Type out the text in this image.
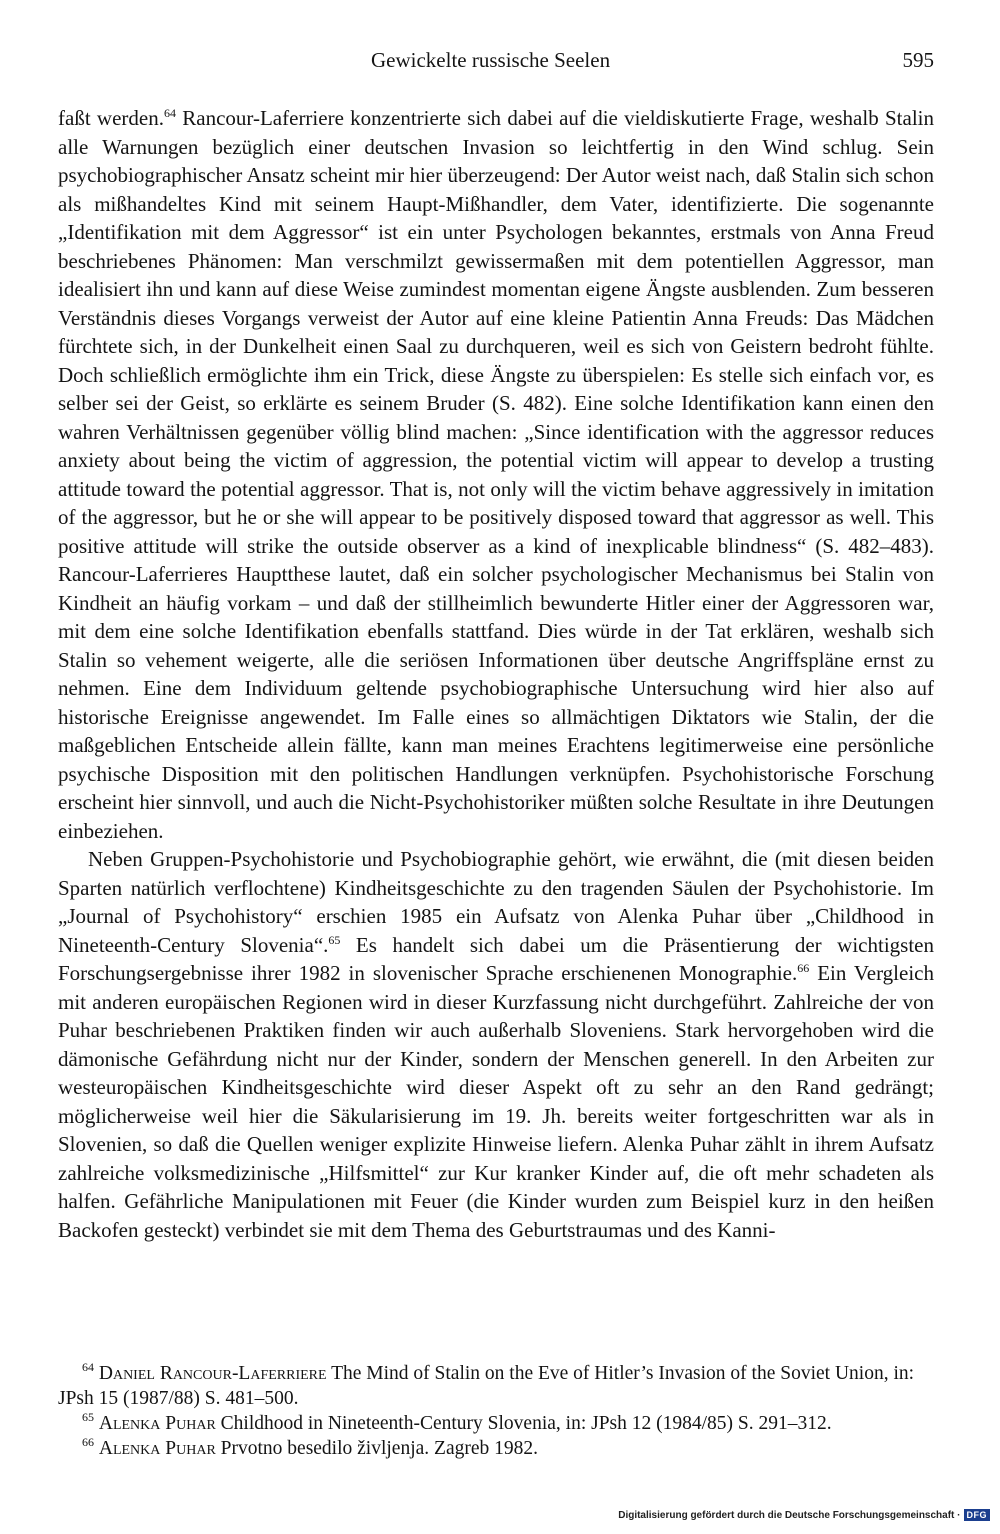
Gewickelte russische Seelen	595

faßt werden.$^{64}$ Rancour-Laferriere konzentrierte sich dabei auf die vieldiskutierte Frage, weshalb Stalin alle Warnungen bezüglich einer deutschen Invasion so leichtfertig in den Wind schlug. Sein psychobiographischer Ansatz scheint mir hier überzeugend: Der Autor weist nach, daß Stalin sich schon als mißhandeltes Kind mit seinem Haupt-Mißhandler, dem Vater, identifizierte. Die sogenannte „Identifikation mit dem Aggressor“ ist ein unter Psychologen bekanntes, erstmals von Anna Freud beschriebenes Phänomen: Man verschmilzt gewissermaßen mit dem potentiellen Aggressor, man idealisiert ihn und kann auf diese Weise zumindest momentan eigene Ängste ausblenden. Zum besseren Verständnis dieses Vorgangs verweist der Autor auf eine kleine Patientin Anna Freuds: Das Mädchen fürchtete sich, in der Dunkelheit einen Saal zu durchqueren, weil es sich von Geistern bedroht fühlte. Doch schließlich ermöglichte ihm ein Trick, diese Ängste zu überspielen: Es stelle sich einfach vor, es selber sei der Geist, so erklärte es seinem Bruder (S. 482). Eine solche Identifikation kann einen den wahren Verhältnissen gegenüber völlig blind machen: „Since identification with the aggressor reduces anxiety about being the victim of aggression, the potential victim will appear to develop a trusting attitude toward the potential aggressor. That is, not only will the victim behave aggressively in imitation of the aggressor, but he or she will appear to be positively disposed toward that aggressor as well. This positive attitude will strike the outside observer as a kind of inexplicable blindness“ (S. 482–483). Rancour-Laferrieres Hauptthese lautet, daß ein solcher psychologischer Mechanismus bei Stalin von Kindheit an häufig vorkam – und daß der stillheimlich bewunderte Hitler einer der Aggressoren war, mit dem eine solche Identifikation ebenfalls stattfand. Dies würde in der Tat erklären, weshalb sich Stalin so vehement weigerte, alle die seriösen Informationen über deutsche Angriffspläne ernst zu nehmen. Eine dem Individuum geltende psychobiographische Untersuchung wird hier also auf historische Ereignisse angewendet. Im Falle eines so allmächtigen Diktators wie Stalin, der die maßgeblichen Entscheide allein fällte, kann man meines Erachtens legitimerweise eine persönliche psychische Disposition mit den politischen Handlungen verknüpfen. Psychohistorische Forschung erscheint hier sinnvoll, und auch die Nicht-Psychohistoriker müßten solche Resultate in ihre Deutungen einbeziehen.

Neben Gruppen-Psychohistorie und Psychobiographie gehört, wie erwähnt, die (mit diesen beiden Sparten natürlich verflochtene) Kindheitsgeschichte zu den tragenden Säulen der Psychohistorie. Im „Journal of Psychohistory“ erschien 1985 ein Aufsatz von Alenka Puhar über „Childhood in Nineteenth-Century Slovenia“.$^{65}$ Es handelt sich dabei um die Präsentierung der wichtigsten Forschungsergebnisse ihrer 1982 in slovenischer Sprache erschienenen Monographie.$^{66}$ Ein Vergleich mit anderen europäischen Regionen wird in dieser Kurzfassung nicht durchgeführt. Zahlreiche der von Puhar beschriebenen Praktiken finden wir auch außerhalb Sloveniens. Stark hervorgehoben wird die dämonische Gefährdung nicht nur der Kinder, sondern der Menschen generell. In den Arbeiten zur westeuropäischen Kindheitsgeschichte wird dieser Aspekt oft zu sehr an den Rand gedrängt; möglicherweise weil hier die Säkularisierung im 19. Jh. bereits weiter fortgeschritten war als in Slovenien, so daß die Quellen weniger explizite Hinweise liefern. Alenka Puhar zählt in ihrem Aufsatz zahlreiche volksmedizinische „Hilfsmittel“ zur Kur kranker Kinder auf, die oft mehr schadeten als halfen. Gefährliche Manipulationen mit Feuer (die Kinder wurden zum Beispiel kurz in den heißen Backofen gesteckt) verbindet sie mit dem Thema des Geburtstraumas und des Kanni-

$^{64}$ Daniel Rancour-Laferriere The Mind of Stalin on the Eve of Hitler’s Invasion of the Soviet Union, in: JPsh 15 (1987/88) S. 481–500.

$^{65}$ Alenka Puhar Childhood in Nineteenth-Century Slovenia, in: JPsh 12 (1984/85) S. 291–312.

$^{66}$ Alenka Puhar Prvotno besedilo življenja. Zagreb 1982.

Digitalisierung gefördert durch die Deutsche Forschungsgemeinschaft · DFG
